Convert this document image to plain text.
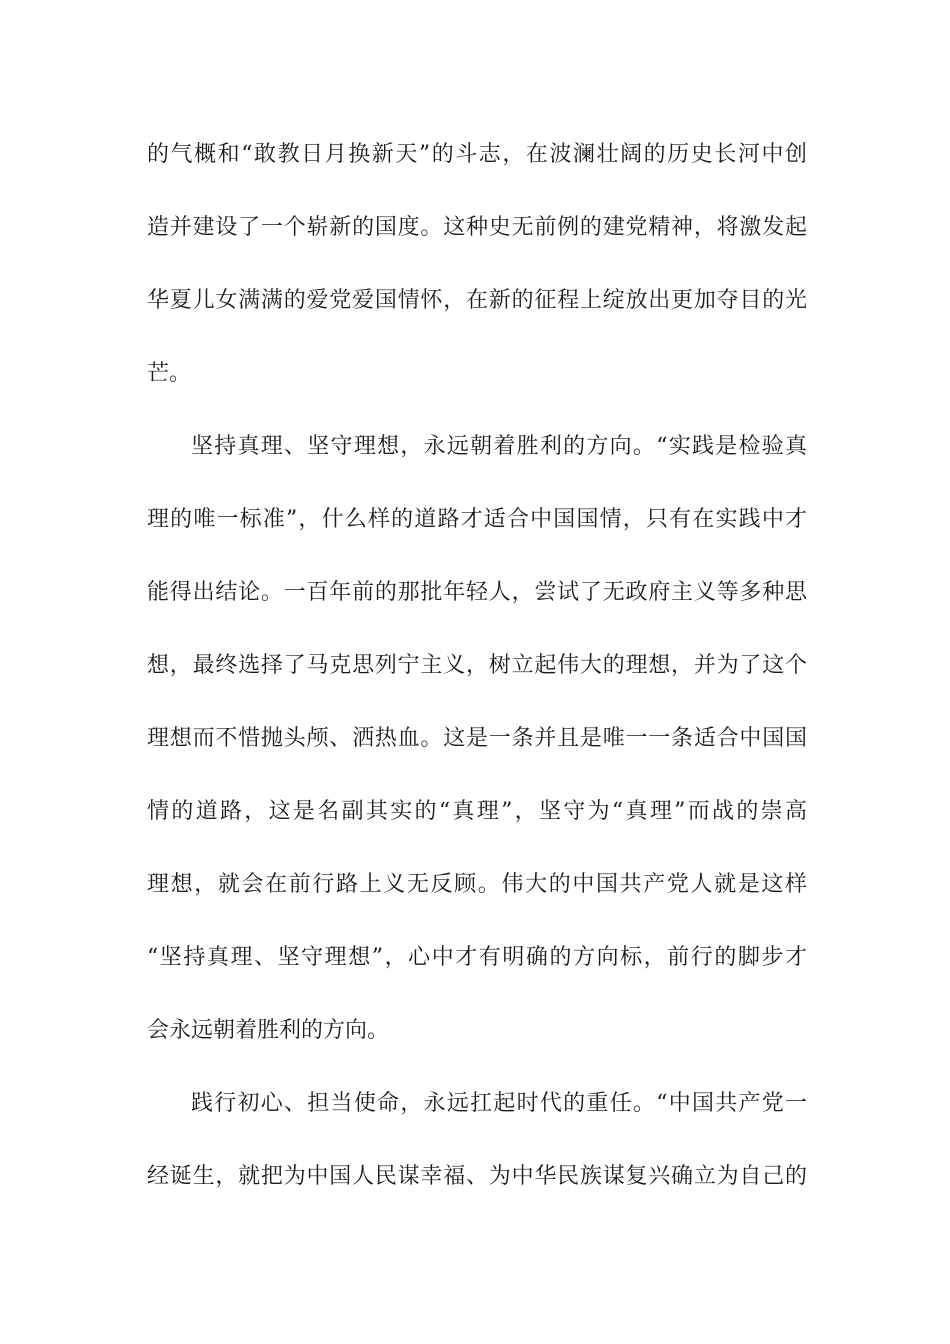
的气概和“敢教日月换新天”的斗志，在波澜壮阔的历史长河中创
造并建设了一个崭新的国度。这种史无前例的建党精神，将激发起
华夏儿女满满的爱党爱国情怀，在新的征程上绽放出更加夺目的光
芒。
坚持真理、坚守理想，永远朝着胜利的方向。“实践是检验真
理的唯一标准”，什么样的道路才适合中国国情，只有在实践中才
能得出结论。一百年前的那批年轻人，尝试了无政府主义等多种思
想，最终选择了马克思列宁主义，树立起伟大的理想，并为了这个
理想而不惜抛头颅、洒热血。这是一条并且是唯一一条适合中国国
情的道路，这是名副其实的“真理”，坚守为“真理”而战的崇高
理想，就会在前行路上义无反顾。伟大的中国共产党人就是这样
“坚持真理、坚守理想”，心中才有明确的方向标，前行的脚步才
会永远朝着胜利的方向。
践行初心、担当使命，永远扛起时代的重任。“中国共产党一
经诞生，就把为中国人民谋幸福、为中华民族谋复兴确立为自己的
